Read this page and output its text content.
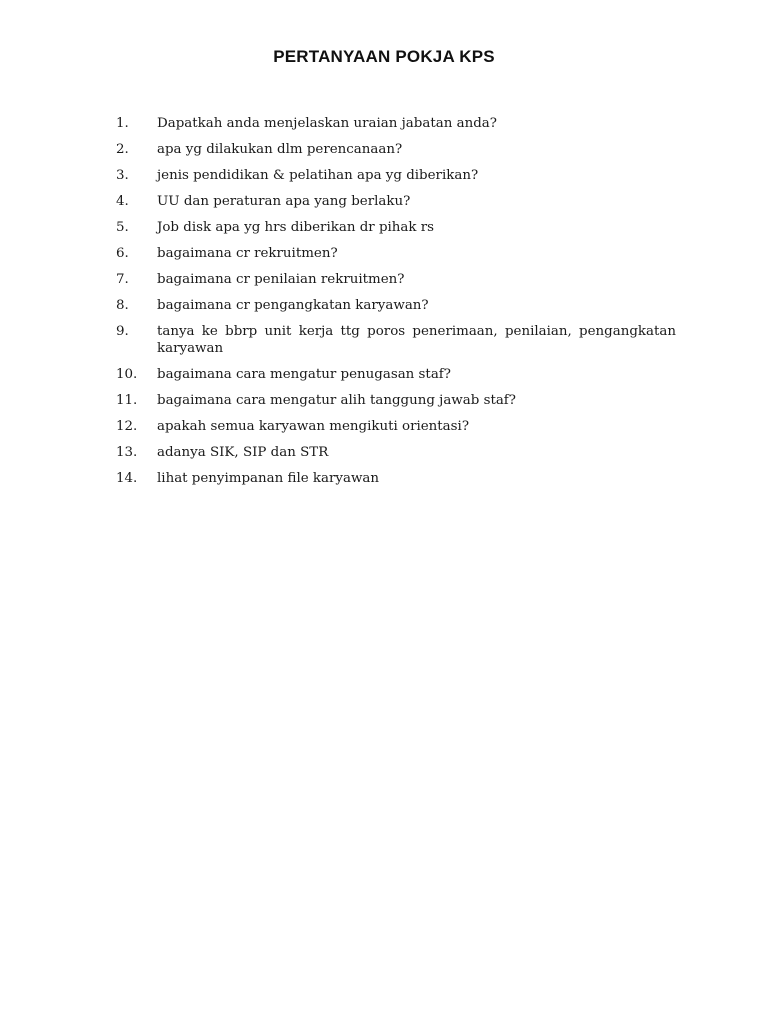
PERTANYAAN POKJA KPS
1.	Dapatkah anda menjelaskan uraian jabatan anda?
2.	apa yg dilakukan dlm perencanaan?
3.	jenis pendidikan & pelatihan apa yg diberikan?
4.	UU dan peraturan apa yang berlaku?
5.	Job disk apa yg hrs diberikan dr pihak rs
6.	bagaimana cr rekruitmen?
7.	bagaimana cr penilaian rekruitmen?
8.	bagaimana cr pengangkatan karyawan?
9.	tanya ke bbrp unit kerja ttg poros penerimaan, penilaian, pengangkatan karyawan
10.	bagaimana cara mengatur penugasan staf?
11.	bagaimana cara mengatur alih tanggung jawab staf?
12.	apakah semua karyawan mengikuti orientasi?
13.	adanya SIK, SIP dan STR
14.	lihat penyimpanan file karyawan
